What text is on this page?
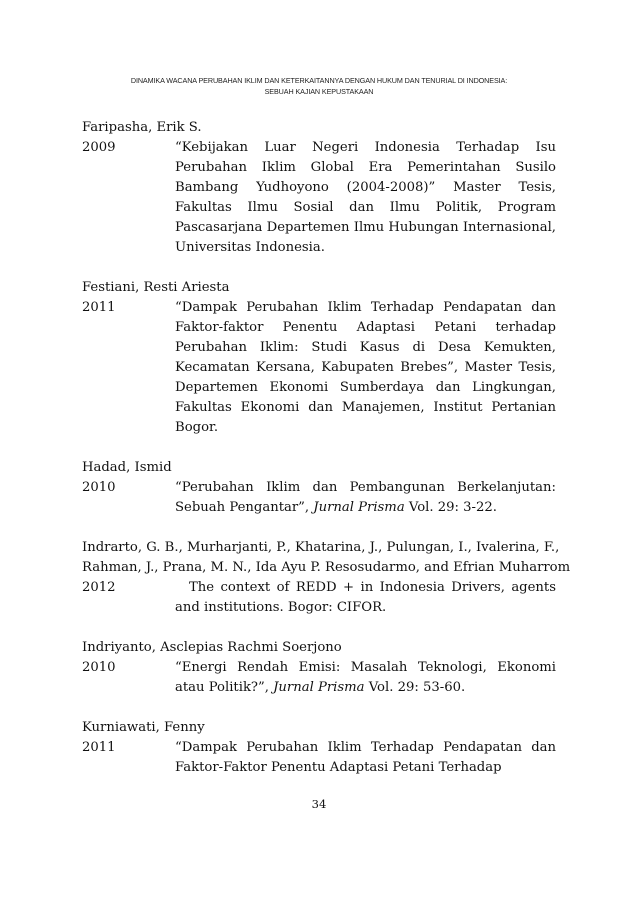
DINAMIKA WACANA PERUBAHAN IKLIM DAN KETERKAITANNYA DENGAN HUKUM DAN TENURIAL DI INDONESIA:
SEBUAH KAJIAN KEPUSTAKAAN
Faripasha, Erik S.
2009	“Kebijakan Luar Negeri Indonesia Terhadap Isu Perubahan Iklim Global Era Pemerintahan Susilo Bambang Yudhoyono (2004-2008)” Master Tesis, Fakultas Ilmu Sosial dan Ilmu Politik, Program Pascasarjana Departemen Ilmu Hubungan Internasional, Universitas Indonesia.
Festiani, Resti Ariesta
2011	“Dampak Perubahan Iklim Terhadap Pendapatan dan Faktor-faktor Penentu Adaptasi Petani terhadap Perubahan Iklim: Studi Kasus di Desa Kemukten, Kecamatan Kersana, Kabupaten Brebes”, Master Tesis, Departemen Ekonomi Sumberdaya dan Lingkungan, Fakultas Ekonomi dan Manajemen, Institut Pertanian Bogor.
Hadad, Ismid
2010	“Perubahan Iklim dan Pembangunan Berkelanjutan: Sebuah Pengantar”, Jurnal Prisma Vol. 29: 3-22.
Indrarto, G. B., Murharjanti, P., Khatarina, J., Pulungan, I., Ivalerina, F.,
Rahman, J., Prana, M. N., Ida Ayu P. Resosudarmo, and Efrian Muharrom
2012	The context of REDD + in Indonesia Drivers, agents and institutions. Bogor: CIFOR.
Indriyanto, Asclepias Rachmi Soerjono
2010	“Energi Rendah Emisi: Masalah Teknologi, Ekonomi atau Politik?”, Jurnal Prisma Vol. 29: 53-60.
Kurniawati, Fenny
2011	“Dampak Perubahan Iklim Terhadap Pendapatan dan Faktor-Faktor Penentu Adaptasi Petani Terhadap
34
